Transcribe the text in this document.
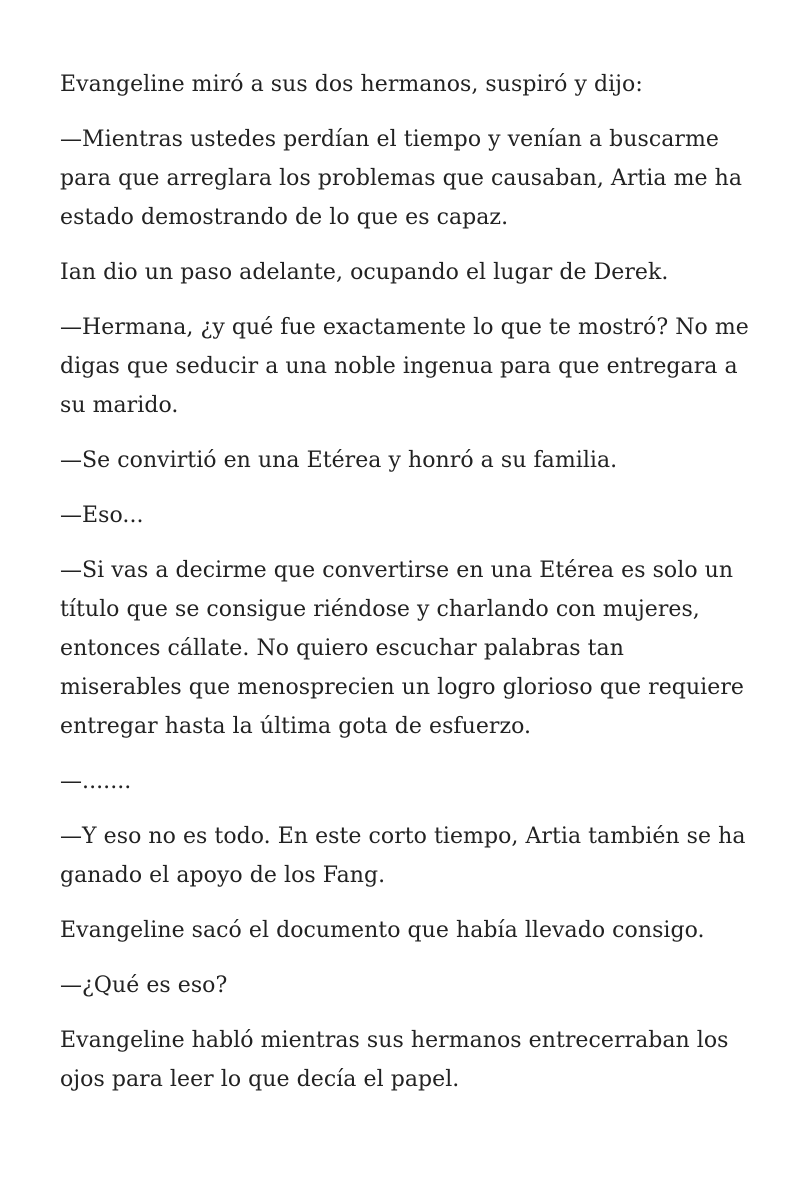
Evangeline miró a sus dos hermanos, suspiró y dijo:

—Mientras ustedes perdían el tiempo y venían a buscarme para que arreglara los problemas que causaban, Artia me ha estado demostrando de lo que es capaz.

Ian dio un paso adelante, ocupando el lugar de Derek.

—Hermana, ¿y qué fue exactamente lo que te mostró? No me digas que seducir a una noble ingenua para que entregara a su marido.

—Se convirtió en una Etérea y honró a su familia.

—Eso...

—Si vas a decirme que convertirse en una Etérea es solo un título que se consigue riéndose y charlando con mujeres, entonces cállate. No quiero escuchar palabras tan miserables que menosprecien un logro glorioso que requiere entregar hasta la última gota de esfuerzo.

—.......

—Y eso no es todo. En este corto tiempo, Artia también se ha ganado el apoyo de los Fang.

Evangeline sacó el documento que había llevado consigo.

—¿Qué es eso?

Evangeline habló mientras sus hermanos entrecerraban los ojos para leer lo que decía el papel.
